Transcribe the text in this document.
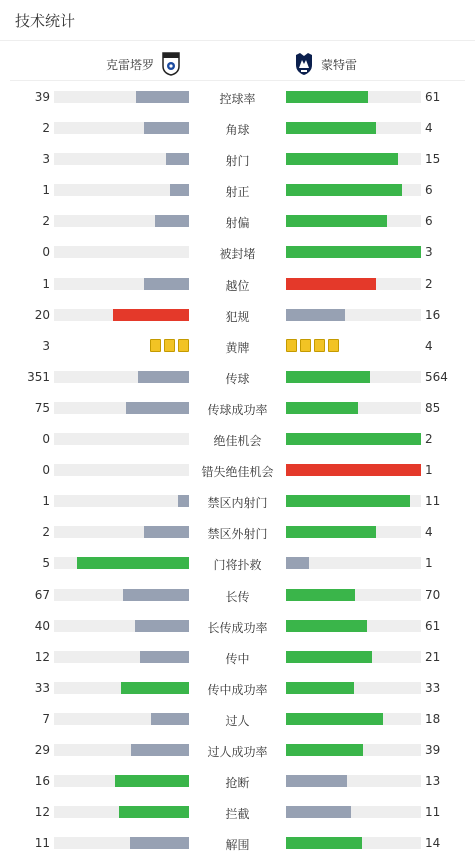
技术统计
克雷塔罗	蒙特雷
39	控球率	61
2	角球	4
3	射门	15
1	射正	6
2	射偏	6
0	被封堵	3
1	越位	2
20	犯规	16
3	黄牌	4
351	传球	564
75	传球成功率	85
0	绝佳机会	2
0	错失绝佳机会	1
1	禁区内射门	11
2	禁区外射门	4
5	门将扑救	1
67	长传	70
40	长传成功率	61
12	传中	21
33	传中成功率	33
7	过人	18
29	过人成功率	39
16	抢断	13
12	拦截	11
11	解围	14
